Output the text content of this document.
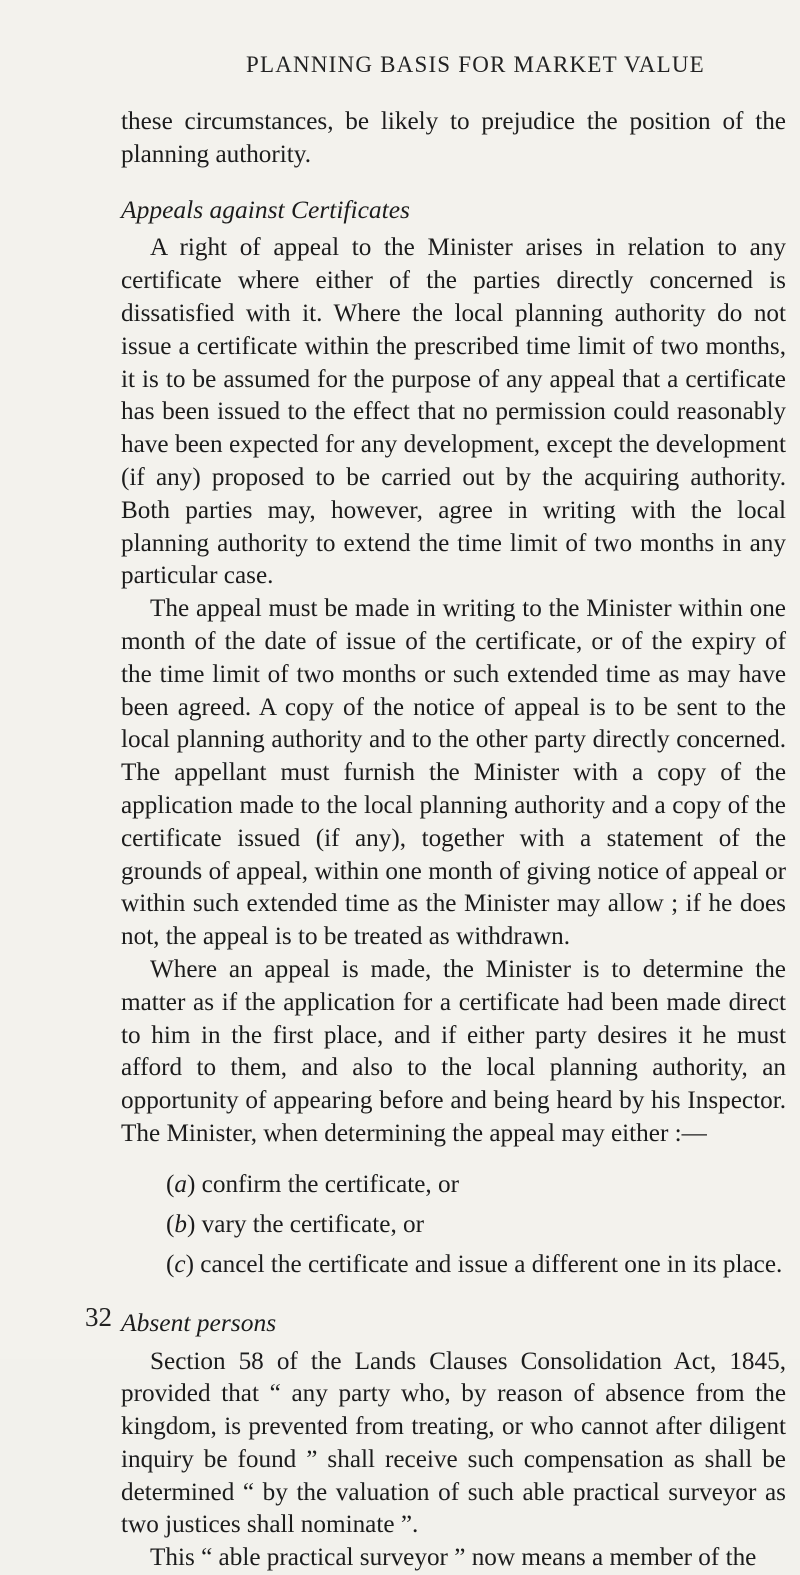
PLANNING BASIS FOR MARKET VALUE

these circumstances, be likely to prejudice the position of the planning authority.

Appeals against Certificates

A right of appeal to the Minister arises in relation to any certificate where either of the parties directly concerned is dissatisfied with it. Where the local planning authority do not issue a certificate within the prescribed time limit of two months, it is to be assumed for the purpose of any appeal that a certificate has been issued to the effect that no permission could reasonably have been expected for any development, except the development (if any) proposed to be carried out by the acquiring authority. Both parties may, however, agree in writing with the local planning authority to extend the time limit of two months in any particular case.

The appeal must be made in writing to the Minister within one month of the date of issue of the certificate, or of the expiry of the time limit of two months or such extended time as may have been agreed. A copy of the notice of appeal is to be sent to the local planning authority and to the other party directly concerned. The appellant must furnish the Minister with a copy of the application made to the local planning authority and a copy of the certificate issued (if any), together with a statement of the grounds of appeal, within one month of giving notice of appeal or within such extended time as the Minister may allow ; if he does not, the appeal is to be treated as withdrawn.

Where an appeal is made, the Minister is to determine the matter as if the application for a certificate had been made direct to him in the first place, and if either party desires it he must afford to them, and also to the local planning authority, an opportunity of appearing before and being heard by his Inspector. The Minister, when determining the appeal may either :—

(a) confirm the certificate, or
(b) vary the certificate, or
(c) cancel the certificate and issue a different one in its place.
Absent persons

Section 58 of the Lands Clauses Consolidation Act, 1845, provided that “ any party who, by reason of absence from the kingdom, is prevented from treating, or who cannot after diligent inquiry be found ” shall receive such compensation as shall be determined “ by the valuation of such able practical surveyor as two justices shall nominate ”.

This “ able practical surveyor ” now means a member of the

32
